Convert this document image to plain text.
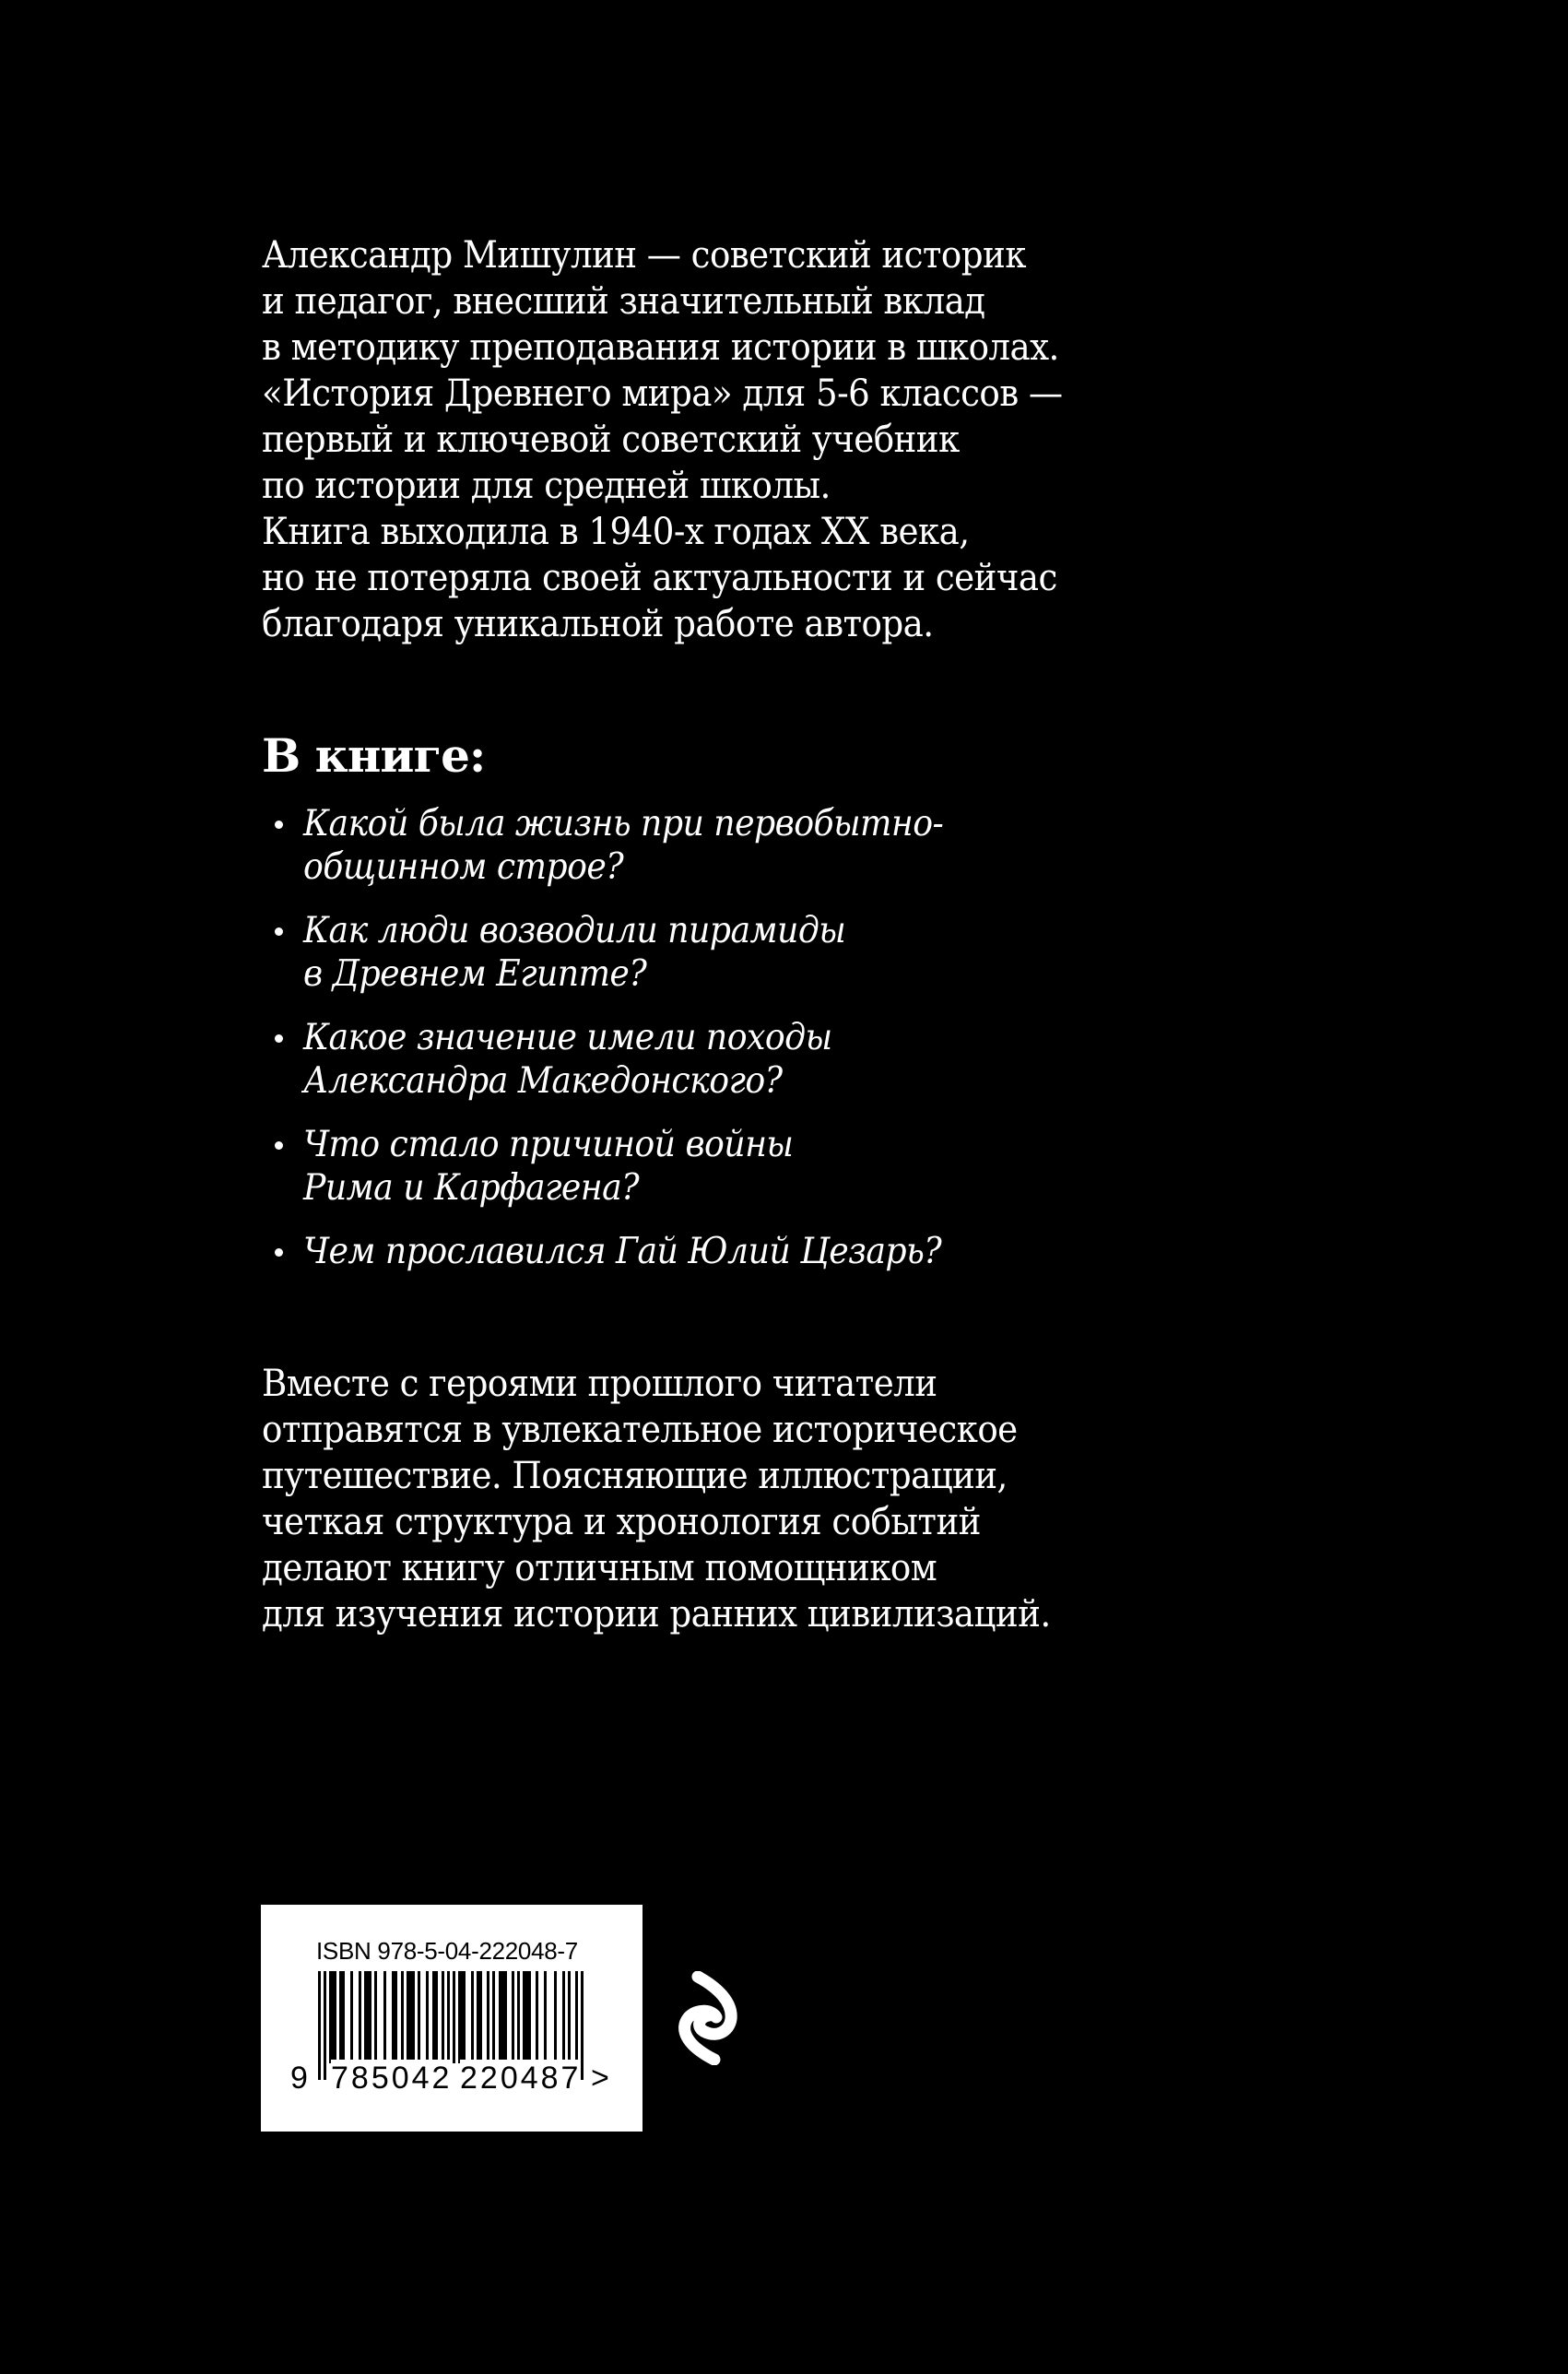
Александр Мишулин — советский историк
и педагог, внесший значительный вклад
в методику преподавания истории в школах.
«История Древнего мира» для 5-6 классов —
первый и ключевой советский учебник
по истории для средней школы.
Книга выходила в 1940-х годах XX века,
но не потеряла своей актуальности и сейчас
благодаря уникальной работе автора.
В книге:
Какой была жизнь при первобытно-
общинном строе?
Как люди возводили пирамиды
в Древнем Египте?
Какое значение имели походы
Александра Македонского?
Что стало причиной войны
Рима и Карфагена?
Чем прославился Гай Юлий Цезарь?
Вместе с героями прошлого читатели
отправятся в увлекательное историческое
путешествие. Поясняющие иллюстрации,
четкая структура и хронология событий
делают книгу отличным помощником
для изучения истории ранних цивилизаций.
ISBN 978-5-04-222048-7
9 785042 220487 >
